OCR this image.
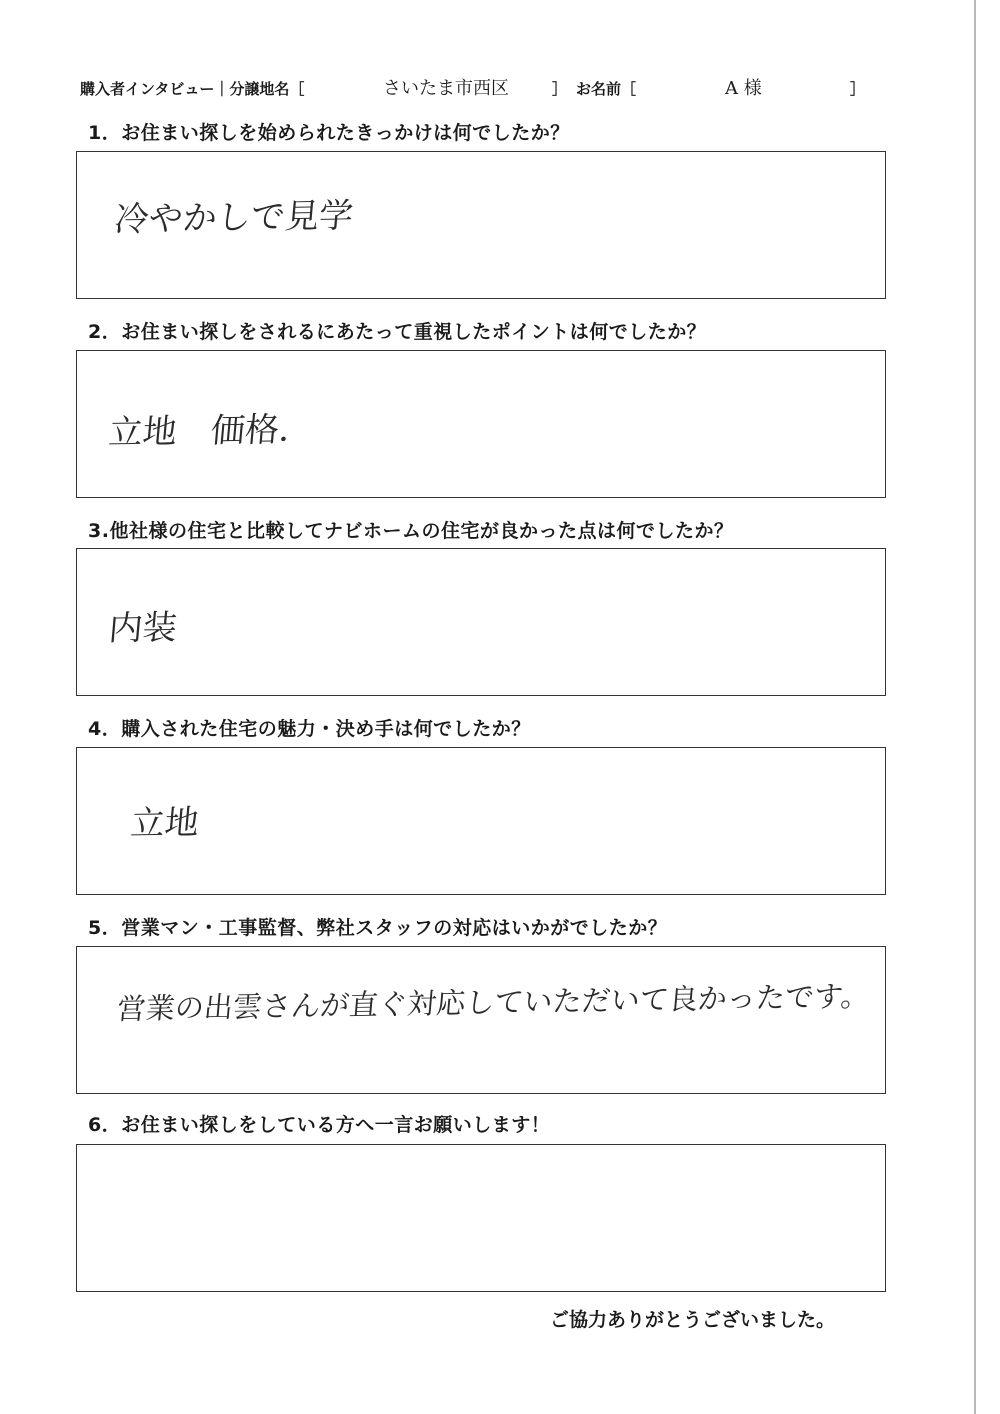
購入者インタビュー｜分譲地名［	さいたま市西区	］ お名前［	A 様	］
1．お住まい探しを始められたきっかけは何でしたか？
冷やかしで見学
2．お住まい探しをされるにあたって重視したポイントは何でしたか？
立地　価格．
3.他社様の住宅と比較してナビホームの住宅が良かった点は何でしたか？
内装
4．購入された住宅の魅力・決め手は何でしたか？
立地
5．営業マン・工事監督、弊社スタッフの対応はいかがでしたか？
営業の出雲さんが直ぐ対応していただいて良かったです。
6．お住まい探しをしている方へ一言お願いします！
ご協力ありがとうございました。
